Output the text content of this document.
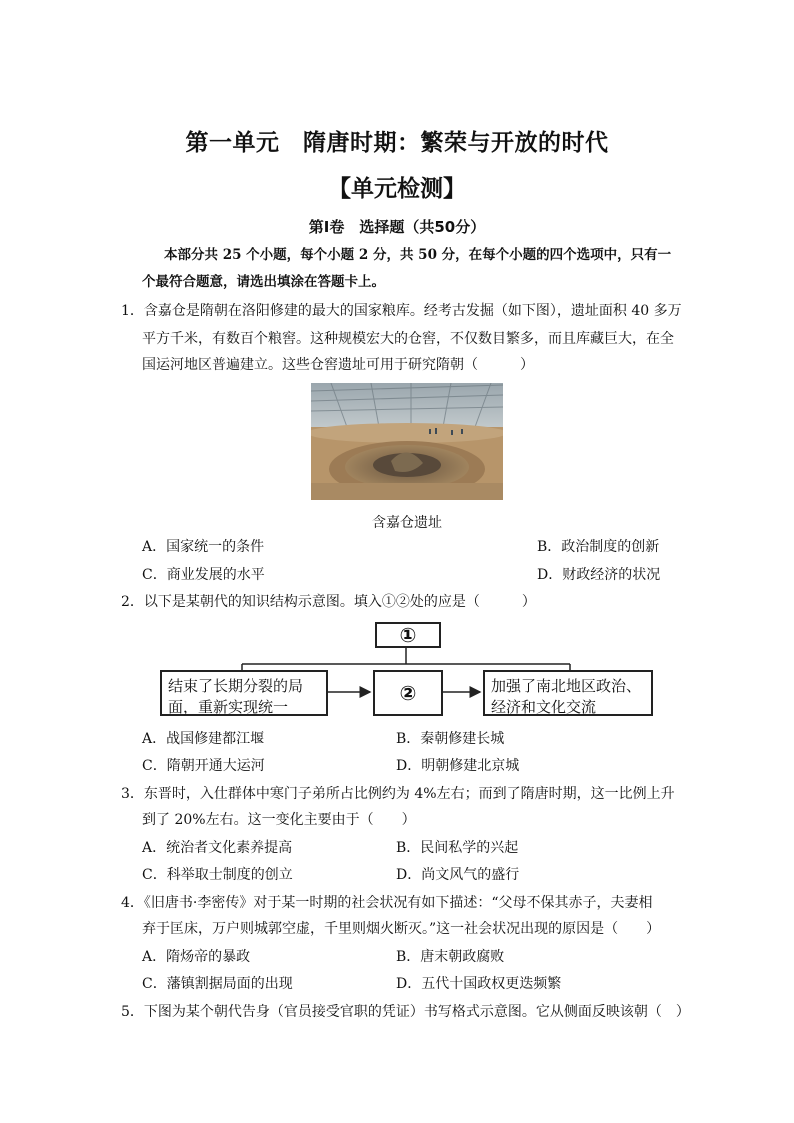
第一单元　隋唐时期：繁荣与开放的时代
【单元检测】
第Ⅰ卷　选择题（共50分）
本部分共 25 个小题，每个小题 2 分，共 50 分，在每个小题的四个选项中，只有一
个最符合题意，请选出填涂在答题卡上。
1．含嘉仓是隋朝在洛阳修建的最大的国家粮库。经考古发掘（如下图），遗址面积 40 多万
平方千米，有数百个粮窖。这种规模宏大的仓窖，不仅数目繁多，而且库藏巨大，在全
国运河地区普遍建立。这些仓窖遗址可用于研究隋朝（　　　）
含嘉仓遗址
A．国家统一的条件	B．政治制度的创新
C．商业发展的水平	D．财政经济的状况
2．以下是某朝代的知识结构示意图。填入①②处的应是（　　　）
①
结束了长期分裂的局面，重新实现统一
②	加强了南北地区政治、经济和文化交流
A．战国修建都江堰	B．秦朝修建长城
C．隋朝开通大运河	D．明朝修建北京城
3．东晋时，入仕群体中寒门子弟所占比例约为 4%左右；而到了隋唐时期，这一比例上升
到了 20%左右。这一变化主要由于（　　）
A．统治者文化素养提高	B．民间私学的兴起
C．科举取士制度的创立	D．尚文风气的盛行
4．《旧唐书·李密传》对于某一时期的社会状况有如下描述：“父母不保其赤子，夫妻相
弃于匡床，万户则城郭空虚，千里则烟火断灭。”这一社会状况出现的原因是（　　）
A．隋炀帝的暴政	B．唐末朝政腐败
C．藩镇割据局面的出现	D．五代十国政权更迭频繁
5．下图为某个朝代告身（官员接受官职的凭证）书写格式示意图。它从侧面反映该朝（　）
